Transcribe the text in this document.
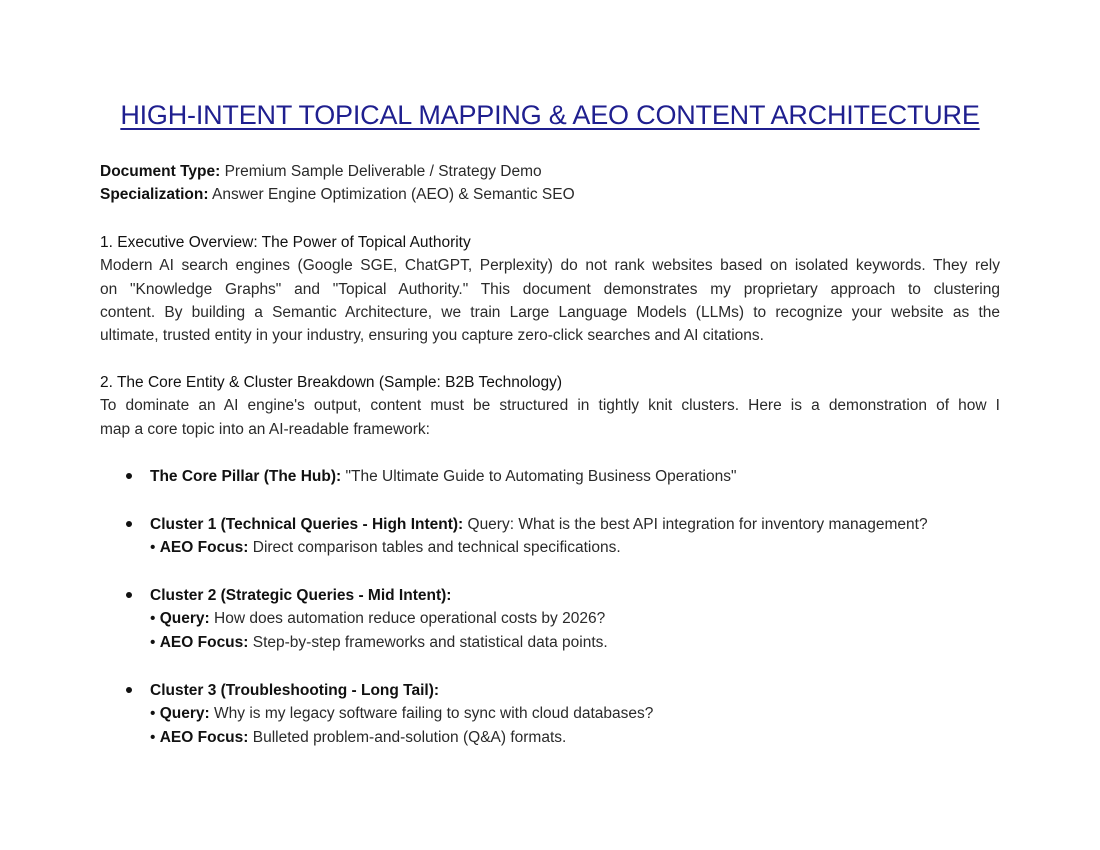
HIGH-INTENT TOPICAL MAPPING & AEO CONTENT ARCHITECTURE
Document Type: Premium Sample Deliverable / Strategy Demo
Specialization: Answer Engine Optimization (AEO) & Semantic SEO
1. Executive Overview: The Power of Topical Authority
Modern AI search engines (Google SGE, ChatGPT, Perplexity) do not rank websites based on isolated keywords. They rely
on "Knowledge Graphs" and "Topical Authority." This document demonstrates my proprietary approach to clustering
content. By building a Semantic Architecture, we train Large Language Models (LLMs) to recognize your website as the
ultimate, trusted entity in your industry, ensuring you capture zero-click searches and AI citations.
2. The Core Entity & Cluster Breakdown (Sample: B2B Technology)
To dominate an AI engine's output, content must be structured in tightly knit clusters. Here is a demonstration of how I
map a core topic into an AI-readable framework:
The Core Pillar (The Hub): "The Ultimate Guide to Automating Business Operations"
Cluster 1 (Technical Queries - High Intent): Query: What is the best API integration for inventory management?
• AEO Focus: Direct comparison tables and technical specifications.
Cluster 2 (Strategic Queries - Mid Intent):
• Query: How does automation reduce operational costs by 2026?
• AEO Focus: Step-by-step frameworks and statistical data points.
Cluster 3 (Troubleshooting - Long Tail):
• Query: Why is my legacy software failing to sync with cloud databases?
• AEO Focus: Bulleted problem-and-solution (Q&A) formats.
